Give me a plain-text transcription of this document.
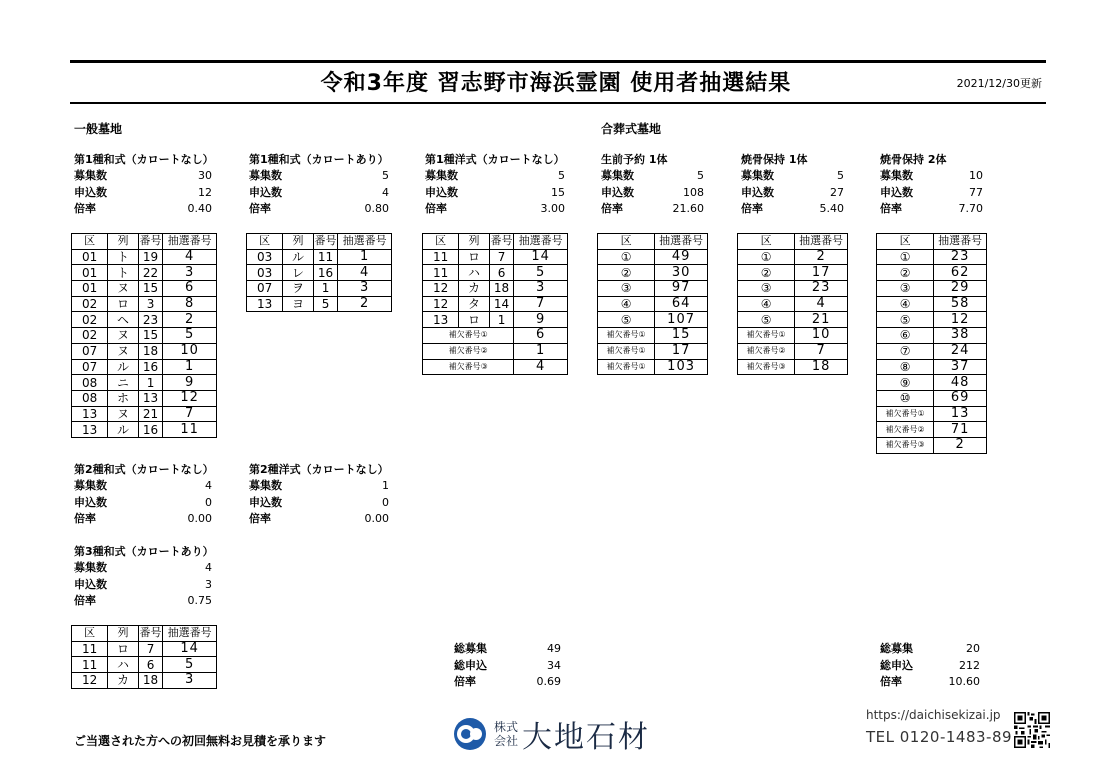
令和3年度 習志野市海浜霊園 使用者抽選結果	2021/12/30更新
一般墓地	合葬式墓地
第1種和式（カロートなし）
募集数	30
申込数	12
倍率	0.40
第1種和式（カロートあり）
募集数	5
申込数	4
倍率	0.80
第1種洋式（カロートなし）
募集数	5
申込数	15
倍率	3.00
生前予約 1体
募集数	5
申込数	108
倍率	21.60
焼骨保持 1体
募集数	5
申込数	27
倍率	5.40
焼骨保持 2体
募集数	10
申込数	77
倍率	7.70
第2種和式（カロートなし）
募集数	4
申込数	0
倍率	0.00
第2種洋式（カロートなし）
募集数	1
申込数	0
倍率	0.00
第3種和式（カロートあり）
募集数	4
申込数	3
倍率	0.75
区	列	番号	抽選番号
01	ト	19	4
01	ト	22	3
01	ヌ	15	6
02	ロ	3	8
02	ヘ	23	2
02	ヌ	15	5
07	ヌ	18	10
07	ル	16	1
08	ニ	1	9
08	ホ	13	12
13	ヌ	21	7
13	ル	16	11
区	列	番号	抽選番号
03	ル	11	1
03	レ	16	4
07	ヲ	1	3
13	ヨ	5	2
区	列	番号	抽選番号
11	ロ	7	14
11	ハ	6	5
12	カ	18	3
12	タ	14	7
13	ロ	1	9
補欠番号①			6
補欠番号②			1
補欠番号③			4
区	列	番号	抽選番号
11	ロ	7	14
11	ハ	6	5
12	カ	18	3
区	抽選番号
①	49
②	30
③	97
④	64
⑤	107
補欠番号①	15
補欠番号①	17
補欠番号①	103
区	抽選番号
①	2
②	17
③	23
④	4
⑤	21
補欠番号①	10
補欠番号②	7
補欠番号③	18
区	抽選番号
①	23
②	62
③	29
④	58
⑤	12
⑥	38
⑦	24
⑧	37
⑨	48
⑩	69
補欠番号①	13
補欠番号②	71
補欠番号③	2
総募集	49
総申込	34
倍率	0.69
総募集	20
総申込	212
倍率	10.60
ご当選された方への初回無料お見積を承ります
株式
会社 大地石材
https://daichisekizai.jp
TEL 0120-1483-89
